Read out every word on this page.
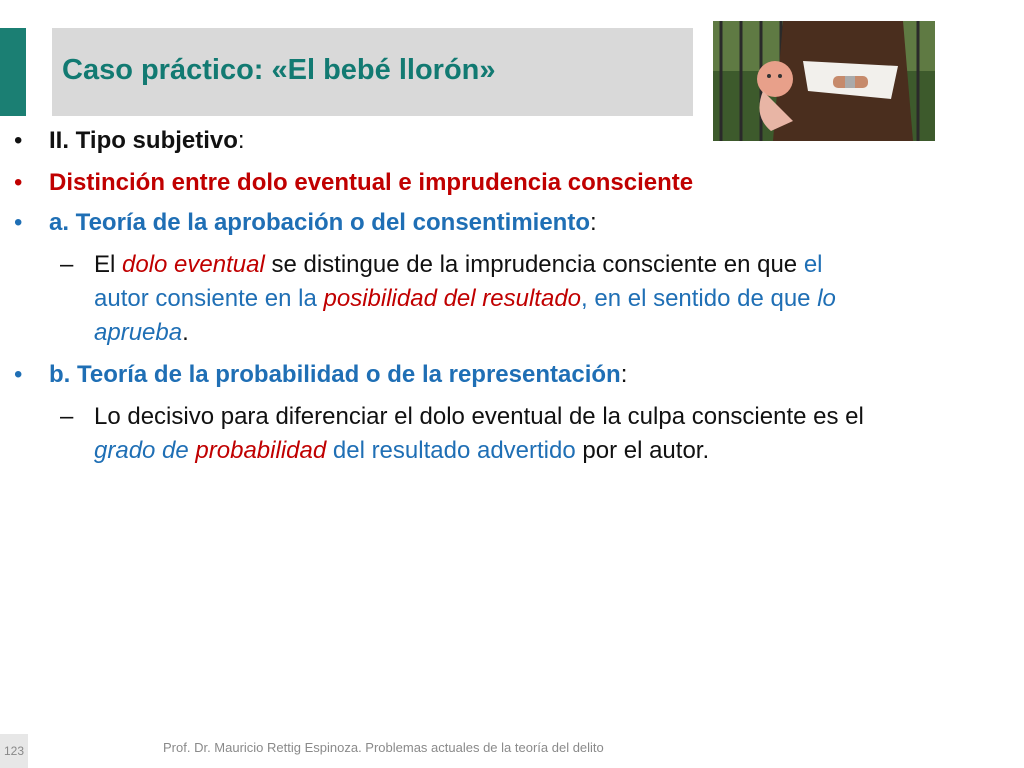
Caso práctico: «El bebé llorón»
• II. Tipo subjetivo:
• Distinción entre dolo eventual e imprudencia consciente
• a. Teoría de la aprobación o del consentimiento:
– El dolo eventual se distingue de la imprudencia consciente en que el
autor consiente en la posibilidad del resultado, en el sentido de que lo
aprueba.
• b. Teoría de la probabilidad o de la representación:
– Lo decisivo para diferenciar el dolo eventual de la culpa consciente es el
grado de probabilidad del resultado advertido por el autor.
123	Prof. Dr. Mauricio Rettig Espinoza. Problemas actuales de la teoría del delito
